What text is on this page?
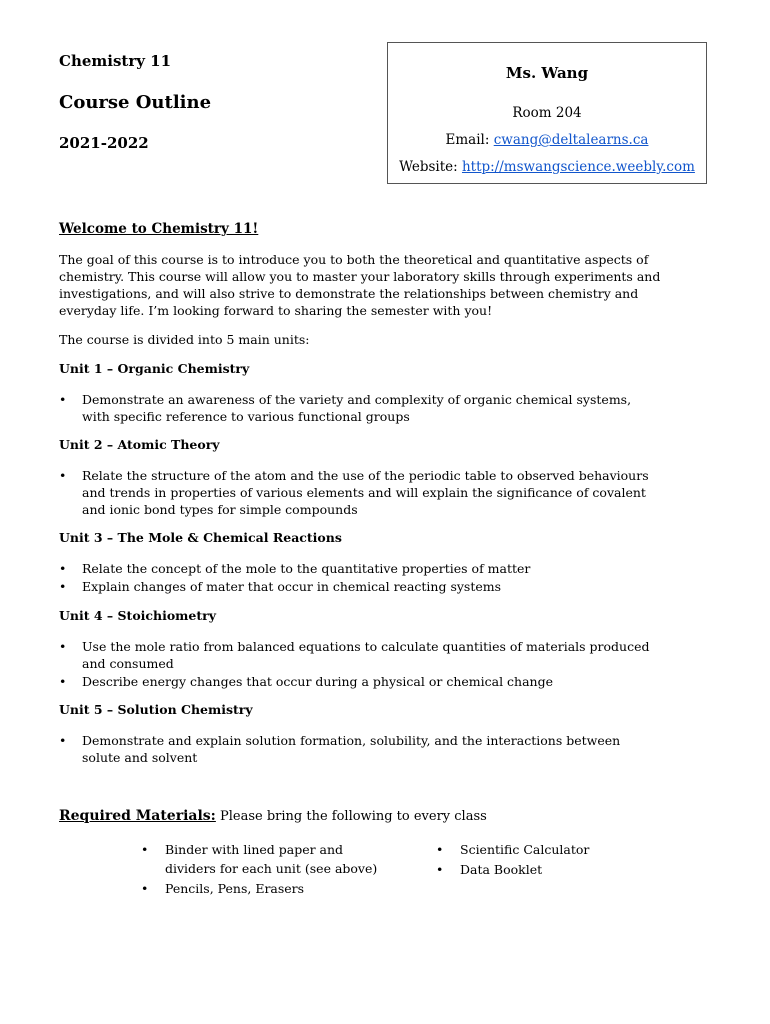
Chemistry 11

Course Outline

2021-2022

Ms. Wang
Room 204
Email: cwang@deltalearns.ca
Website: http://mswangscience.weebly.com

Welcome to Chemistry 11!

The goal of this course is to introduce you to both the theoretical and quantitative aspects of chemistry. This course will allow you to master your laboratory skills through experiments and investigations, and will also strive to demonstrate the relationships between chemistry and everyday life. I’m looking forward to sharing the semester with you!

The course is divided into 5 main units:

Unit 1 – Organic Chemistry

• Demonstrate an awareness of the variety and complexity of organic chemical systems, with specific reference to various functional groups

Unit 2 – Atomic Theory

• Relate the structure of the atom and the use of the periodic table to observed behaviours and trends in properties of various elements and will explain the significance of covalent and ionic bond types for simple compounds

Unit 3 – The Mole & Chemical Reactions

• Relate the concept of the mole to the quantitative properties of matter
• Explain changes of mater that occur in chemical reacting systems

Unit 4 – Stoichiometry

• Use the mole ratio from balanced equations to calculate quantities of materials produced and consumed
• Describe energy changes that occur during a physical or chemical change

Unit 5 – Solution Chemistry

• Demonstrate and explain solution formation, solubility, and the interactions between solute and solvent

Required Materials: Please bring the following to every class

• Binder with lined paper and dividers for each unit (see above)
• Pencils, Pens, Erasers
• Scientific Calculator
• Data Booklet
